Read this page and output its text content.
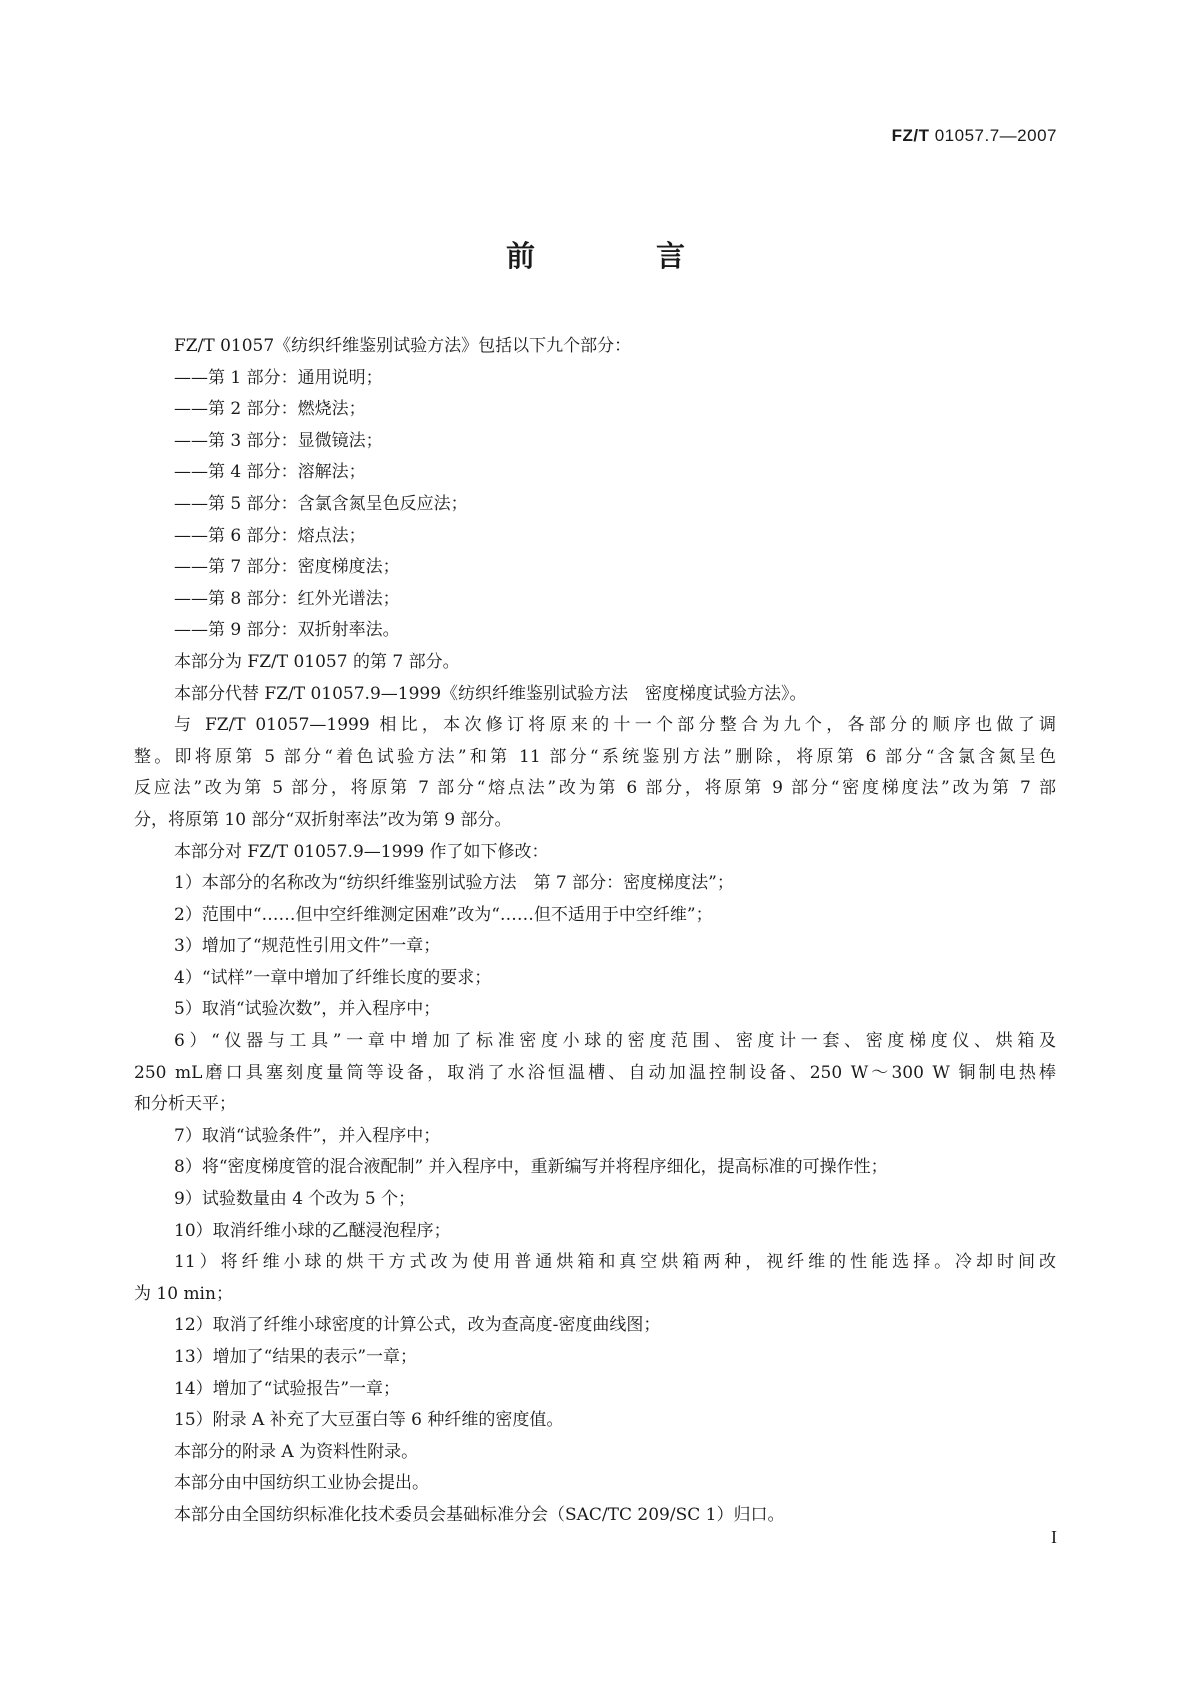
FZ/T 01057.7—2007
前　言
FZ/T 01057《纺织纤维鉴别试验方法》包括以下九个部分：
——第 1 部分：通用说明；
——第 2 部分：燃烧法；
——第 3 部分：显微镜法；
——第 4 部分：溶解法；
——第 5 部分：含氯含氮呈色反应法；
——第 6 部分：熔点法；
——第 7 部分：密度梯度法；
——第 8 部分：红外光谱法；
——第 9 部分：双折射率法。
本部分为 FZ/T 01057 的第 7 部分。
本部分代替 FZ/T 01057.9—1999《纺织纤维鉴别试验方法　密度梯度试验方法》。
与 FZ/T 01057—1999 相比，本次修订将原来的十一个部分整合为九个，各部分的顺序也做了调
整。即将原第 5 部分“着色试验方法”和第 11 部分“系统鉴别方法”删除，将原第 6 部分“含氯含氮呈色
反应法”改为第 5 部分，将原第 7 部分“熔点法”改为第 6 部分，将原第 9 部分“密度梯度法”改为第 7 部
分，将原第 10 部分“双折射率法”改为第 9 部分。
本部分对 FZ/T 01057.9—1999 作了如下修改：
1）本部分的名称改为“纺织纤维鉴别试验方法　第 7 部分：密度梯度法”；
2）范围中“……但中空纤维测定困难”改为“……但不适用于中空纤维”；
3）增加了“规范性引用文件”一章；
4）“试样”一章中增加了纤维长度的要求；
5）取消“试验次数”，并入程序中；
6）“仪器与工具”一章中增加了标准密度小球的密度范围、密度计一套、密度梯度仪、烘箱及
250 mL磨口具塞刻度量筒等设备，取消了水浴恒温槽、自动加温控制设备、250 W～300 W 铜制电热棒
和分析天平；
7）取消“试验条件”，并入程序中；
8）将“密度梯度管的混合液配制” 并入程序中，重新编写并将程序细化，提高标准的可操作性；
9）试验数量由 4 个改为 5 个；
10）取消纤维小球的乙醚浸泡程序；
11）将纤维小球的烘干方式改为使用普通烘箱和真空烘箱两种，视纤维的性能选择。冷却时间改
为 10 min；
12）取消了纤维小球密度的计算公式，改为查高度-密度曲线图；
13）增加了“结果的表示”一章；
14）增加了“试验报告”一章；
15）附录 A 补充了大豆蛋白等 6 种纤维的密度值。
本部分的附录 A 为资料性附录。
本部分由中国纺织工业协会提出。
本部分由全国纺织标准化技术委员会基础标准分会（SAC/TC 209/SC 1）归口。
I
